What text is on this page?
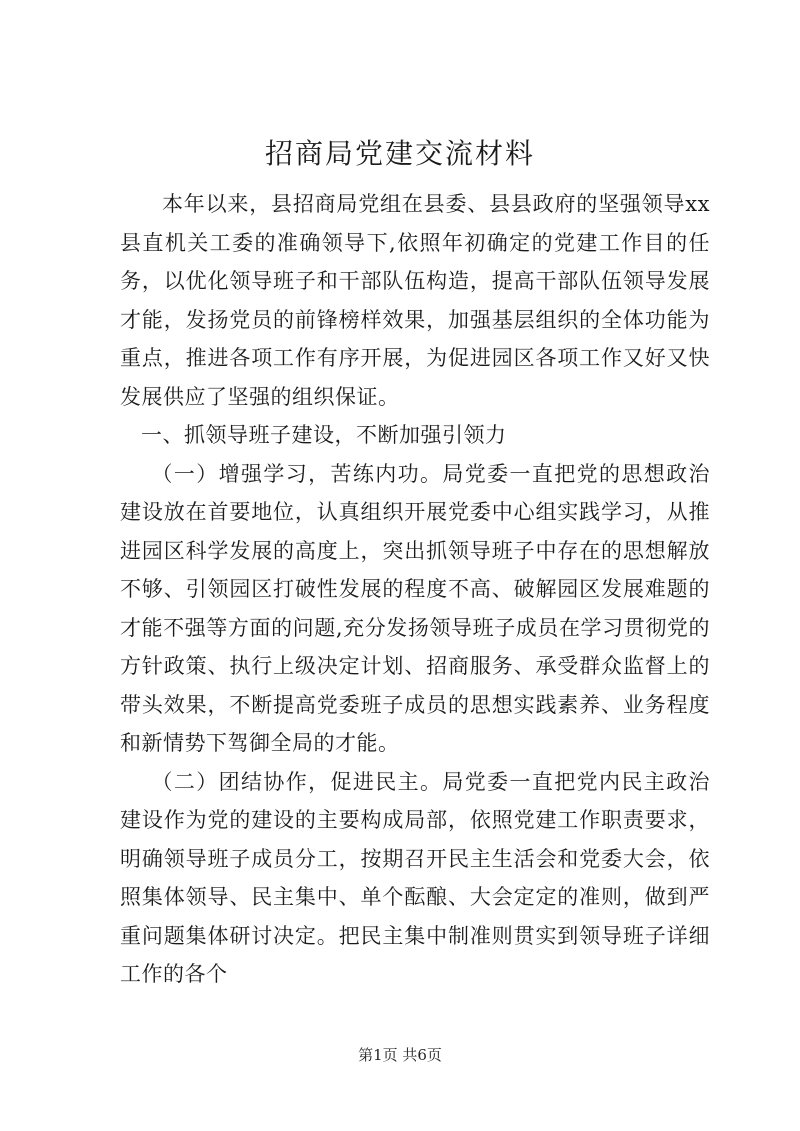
招商局党建交流材料

本年以来，县招商局党组在县委、县县政府的坚强领导xx县直机关工委的准确领导下,依照年初确定的党建工作目的任务，以优化领导班子和干部队伍构造，提高干部队伍领导发展才能，发扬党员的前锋榜样效果，加强基层组织的全体功能为重点，推进各项工作有序开展，为促进园区各项工作又好又快发展供应了坚强的组织保证。

一、抓领导班子建设，不断加强引领力

（一）增强学习，苦练内功。局党委一直把党的思想政治建设放在首要地位，认真组织开展党委中心组实践学习，从推进园区科学发展的高度上，突出抓领导班子中存在的思想解放不够、引领园区打破性发展的程度不高、破解园区发展难题的才能不强等方面的问题,充分发扬领导班子成员在学习贯彻党的方针政策、执行上级决定计划、招商服务、承受群众监督上的带头效果，不断提高党委班子成员的思想实践素养、业务程度和新情势下驾御全局的才能。

（二）团结协作，促进民主。局党委一直把党内民主政治建设作为党的建设的主要构成局部，依照党建工作职责要求，明确领导班子成员分工，按期召开民主生活会和党委大会，依照集体领导、民主集中、单个酝酿、大会定定的准则，做到严重问题集体研讨决定。把民主集中制准则贯实到领导班子详细工作的各个

第1页 共6页
